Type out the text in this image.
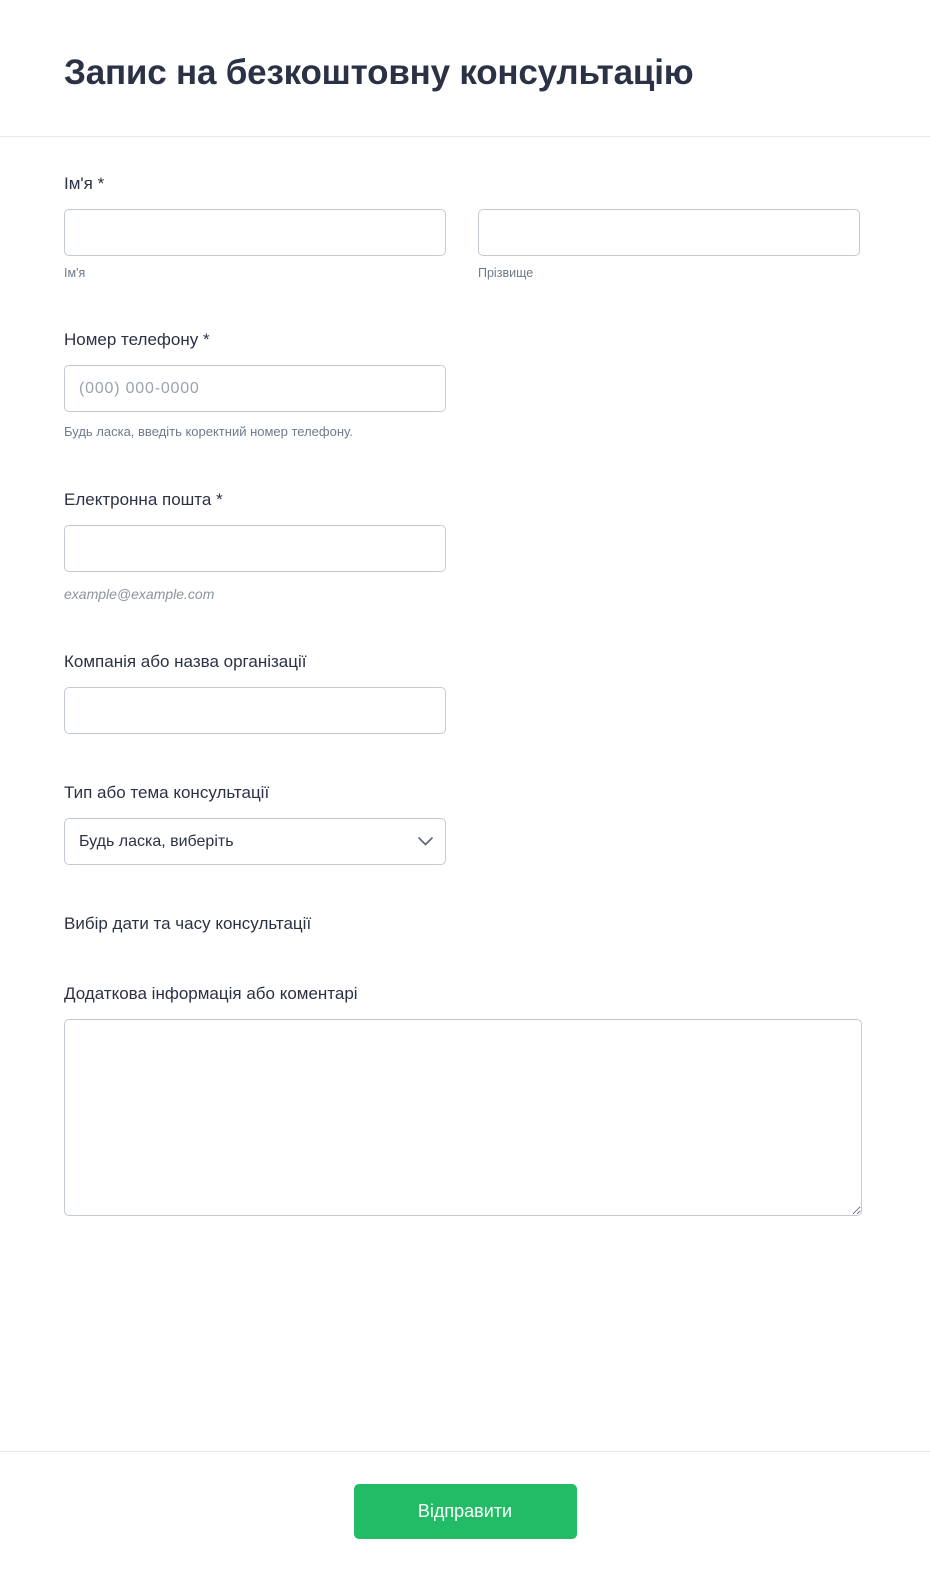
Запис на безкоштовну консультацію
Ім'я *
Ім'я	Прізвище
Номер телефону *
(000) 000-0000
Будь ласка, введіть коректний номер телефону.
Електронна пошта *
example@example.com
Компанія або назва організації
Тип або тема консультації
Будь ласка, виберіть
Вибір дати та часу консультації
Додаткова інформація або коментарі
Відправити
